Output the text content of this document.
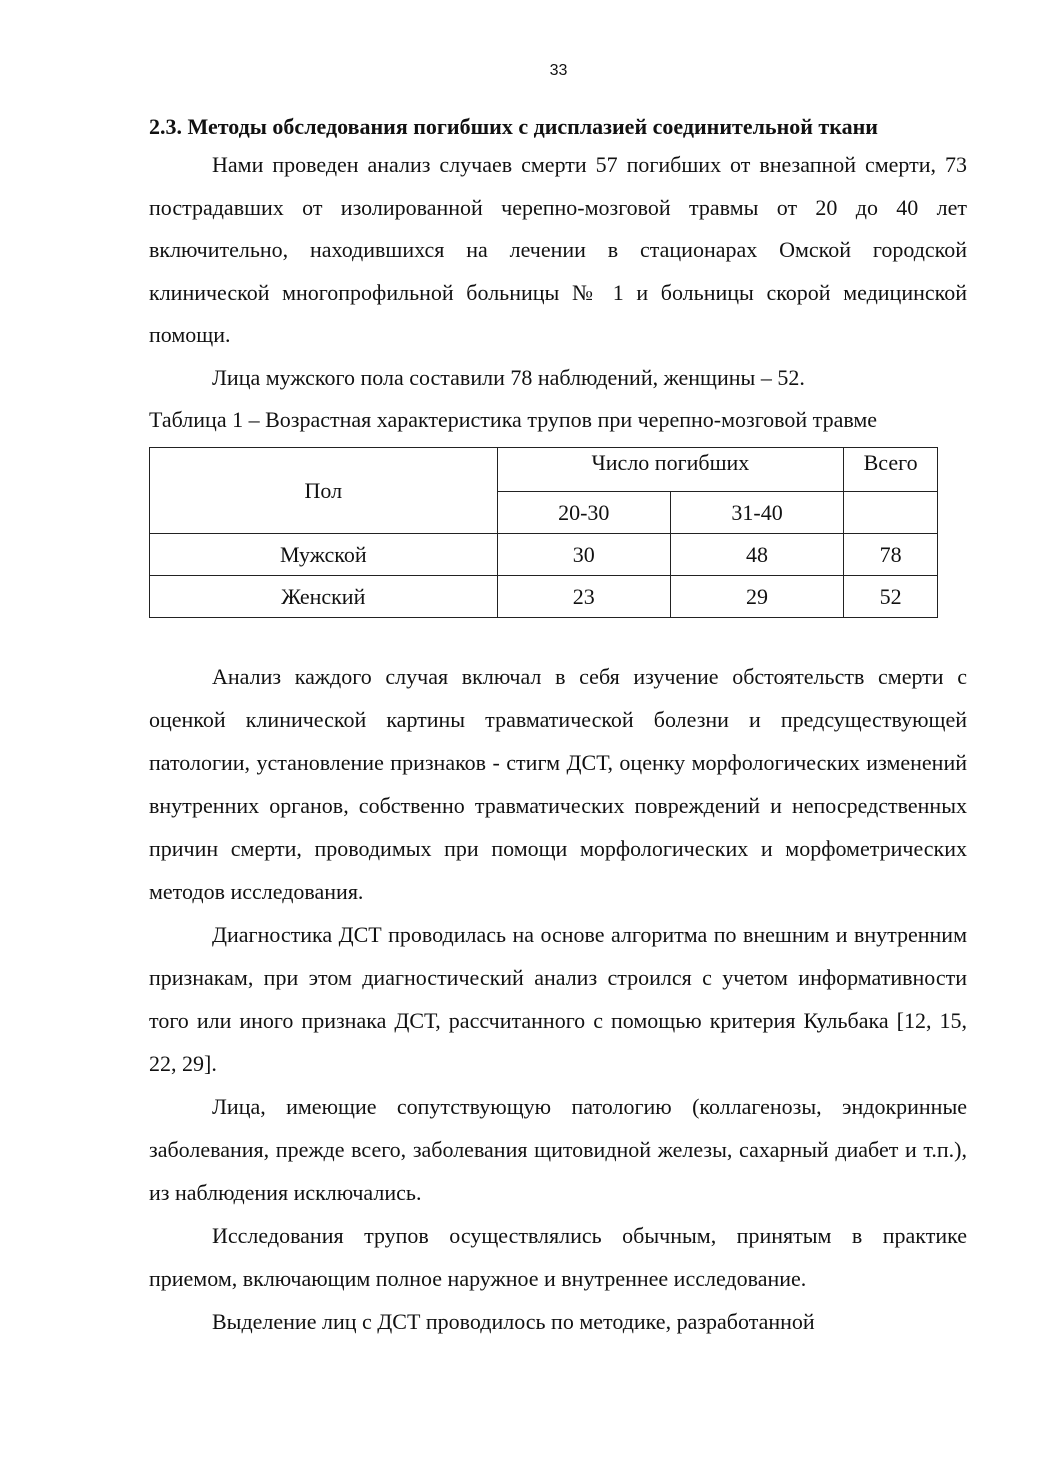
33

2.3. Методы обследования погибших с дисплазией соединительной ткани

Нами проведен анализ случаев смерти 57 погибших от внезапной смерти, 73 пострадавших от изолированной черепно-мозговой травмы от 20 до 40 лет включительно, находившихся на лечении в стационарах Омской городской клинической многопрофильной больницы № 1 и больницы скорой медицинской помощи.

Лица мужского пола составили 78 наблюдений, женщины – 52.

Таблица 1 – Возрастная характеристика трупов при черепно-мозговой травме

Пол	Число погибших		Всего
	20-30	31-40	
Мужской	30	48	78
Женский	23	29	52

Анализ каждого случая включал в себя изучение обстоятельств смерти с оценкой клинической картины травматической болезни и предсуществующей патологии, установление признаков - стигм ДСТ, оценку морфологических изменений внутренних органов, собственно травматических повреждений и непосредственных причин смерти, проводимых при помощи морфологических и морфометрических методов исследования.

Диагностика ДСТ проводилась на основе алгоритма по внешним и внутренним признакам, при этом диагностический анализ строился с учетом информативности того или иного признака ДСТ, рассчитанного с помощью критерия Кульбака [12, 15, 22, 29].

Лица, имеющие сопутствующую патологию (коллагенозы, эндокринные заболевания, прежде всего, заболевания щитовидной железы, сахарный диабет и т.п.), из наблюдения исключались.

Исследования трупов осуществлялись обычным, принятым в практике приемом, включающим полное наружное и внутреннее исследование.

Выделение лиц с ДСТ проводилось по методике, разработанной
